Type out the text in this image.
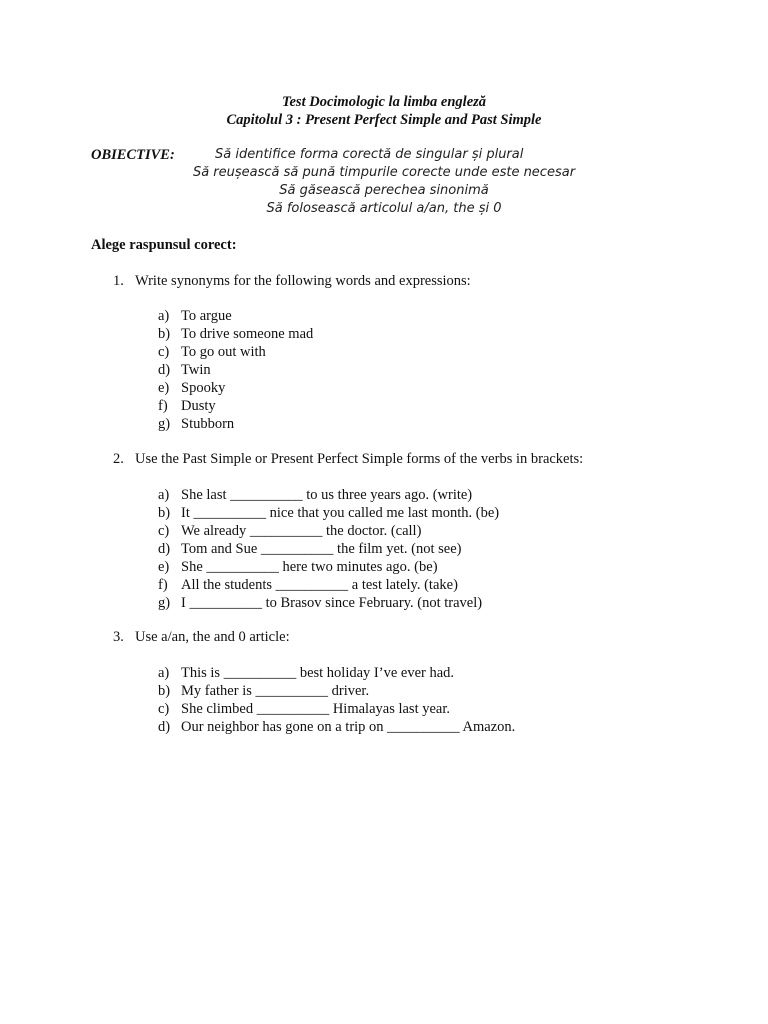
Test Docimologic la limba engleză
Capitolul 3 : Present Perfect Simple and Past Simple
OBIECTIVE:	Să identifice forma corectă de singular și plural
Să reușească să pună timpurile corecte unde este necesar
Să găsească perechea sinonimă
Să folosească articolul a/an, the și 0
Alege raspunsul corect:
1. Write synonyms for the following words and expressions:
a) To argue
b) To drive someone mad
c) To go out with
d) Twin
e) Spooky
f) Dusty
g) Stubborn
2. Use the Past Simple or Present Perfect Simple forms of the verbs in brackets:
a) She last __________ to us three years ago. (write)
b) It __________ nice that you called me last month. (be)
c) We already __________ the doctor. (call)
d) Tom and Sue __________ the film yet. (not see)
e) She __________ here two minutes ago. (be)
f) All the students __________ a test lately. (take)
g) I __________ to Brasov since February. (not travel)
3. Use a/an, the and 0 article:
a) This is __________ best holiday I’ve ever had.
b) My father is __________ driver.
c) She climbed __________ Himalayas last year.
d) Our neighbor has gone on a trip on __________ Amazon.
